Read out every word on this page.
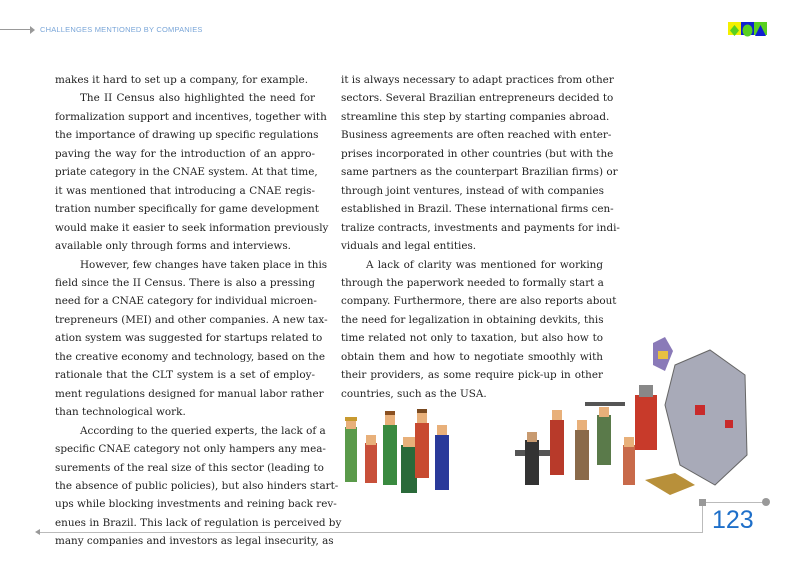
CHALLENGES MENTIONED BY COMPANIES
makes it hard to set up a company, for example.
The II Census also highlighted the need for
formalization support and incentives, together with
the importance of drawing up specific regulations
paving the way for the introduction of an appro-
priate category in the CNAE system. At that time,
it was mentioned that introducing a CNAE regis-
tration number specifically for game development
would make it easier to seek information previously
available only through forms and interviews.
However, few changes have taken place in this
field since the II Census. There is also a pressing
need for a CNAE category for individual microen-
trepreneurs (MEI) and other companies. A new tax-
ation system was suggested for startups related to
the creative economy and technology, based on the
rationale that the CLT system is a set of employ-
ment regulations designed for manual labor rather
than technological work.
According to the queried experts, the lack of a
specific CNAE category not only hampers any mea-
surements of the real size of this sector (leading to
the absence of public policies), but also hinders start-
ups while blocking investments and reining back rev-
enues in Brazil. This lack of regulation is perceived by
many companies and investors as legal insecurity, as
it is always necessary to adapt practices from other
sectors. Several Brazilian entrepreneurs decided to
streamline this step by starting companies abroad.
Business agreements are often reached with enter-
prises incorporated in other countries (but with the
same partners as the counterpart Brazilian firms) or
through joint ventures, instead of with companies
established in Brazil. These international firms cen-
tralize contracts, investments and payments for indi-
viduals and legal entities.
A lack of clarity was mentioned for working
through the paperwork needed to formally start a
company. Furthermore, there are also reports about
the need for legalization in obtaining devkits, this
time related not only to taxation, but also how to
obtain them and how to negotiate smoothly with
their providers, as some require pick-up in other
countries, such as the USA.
123
